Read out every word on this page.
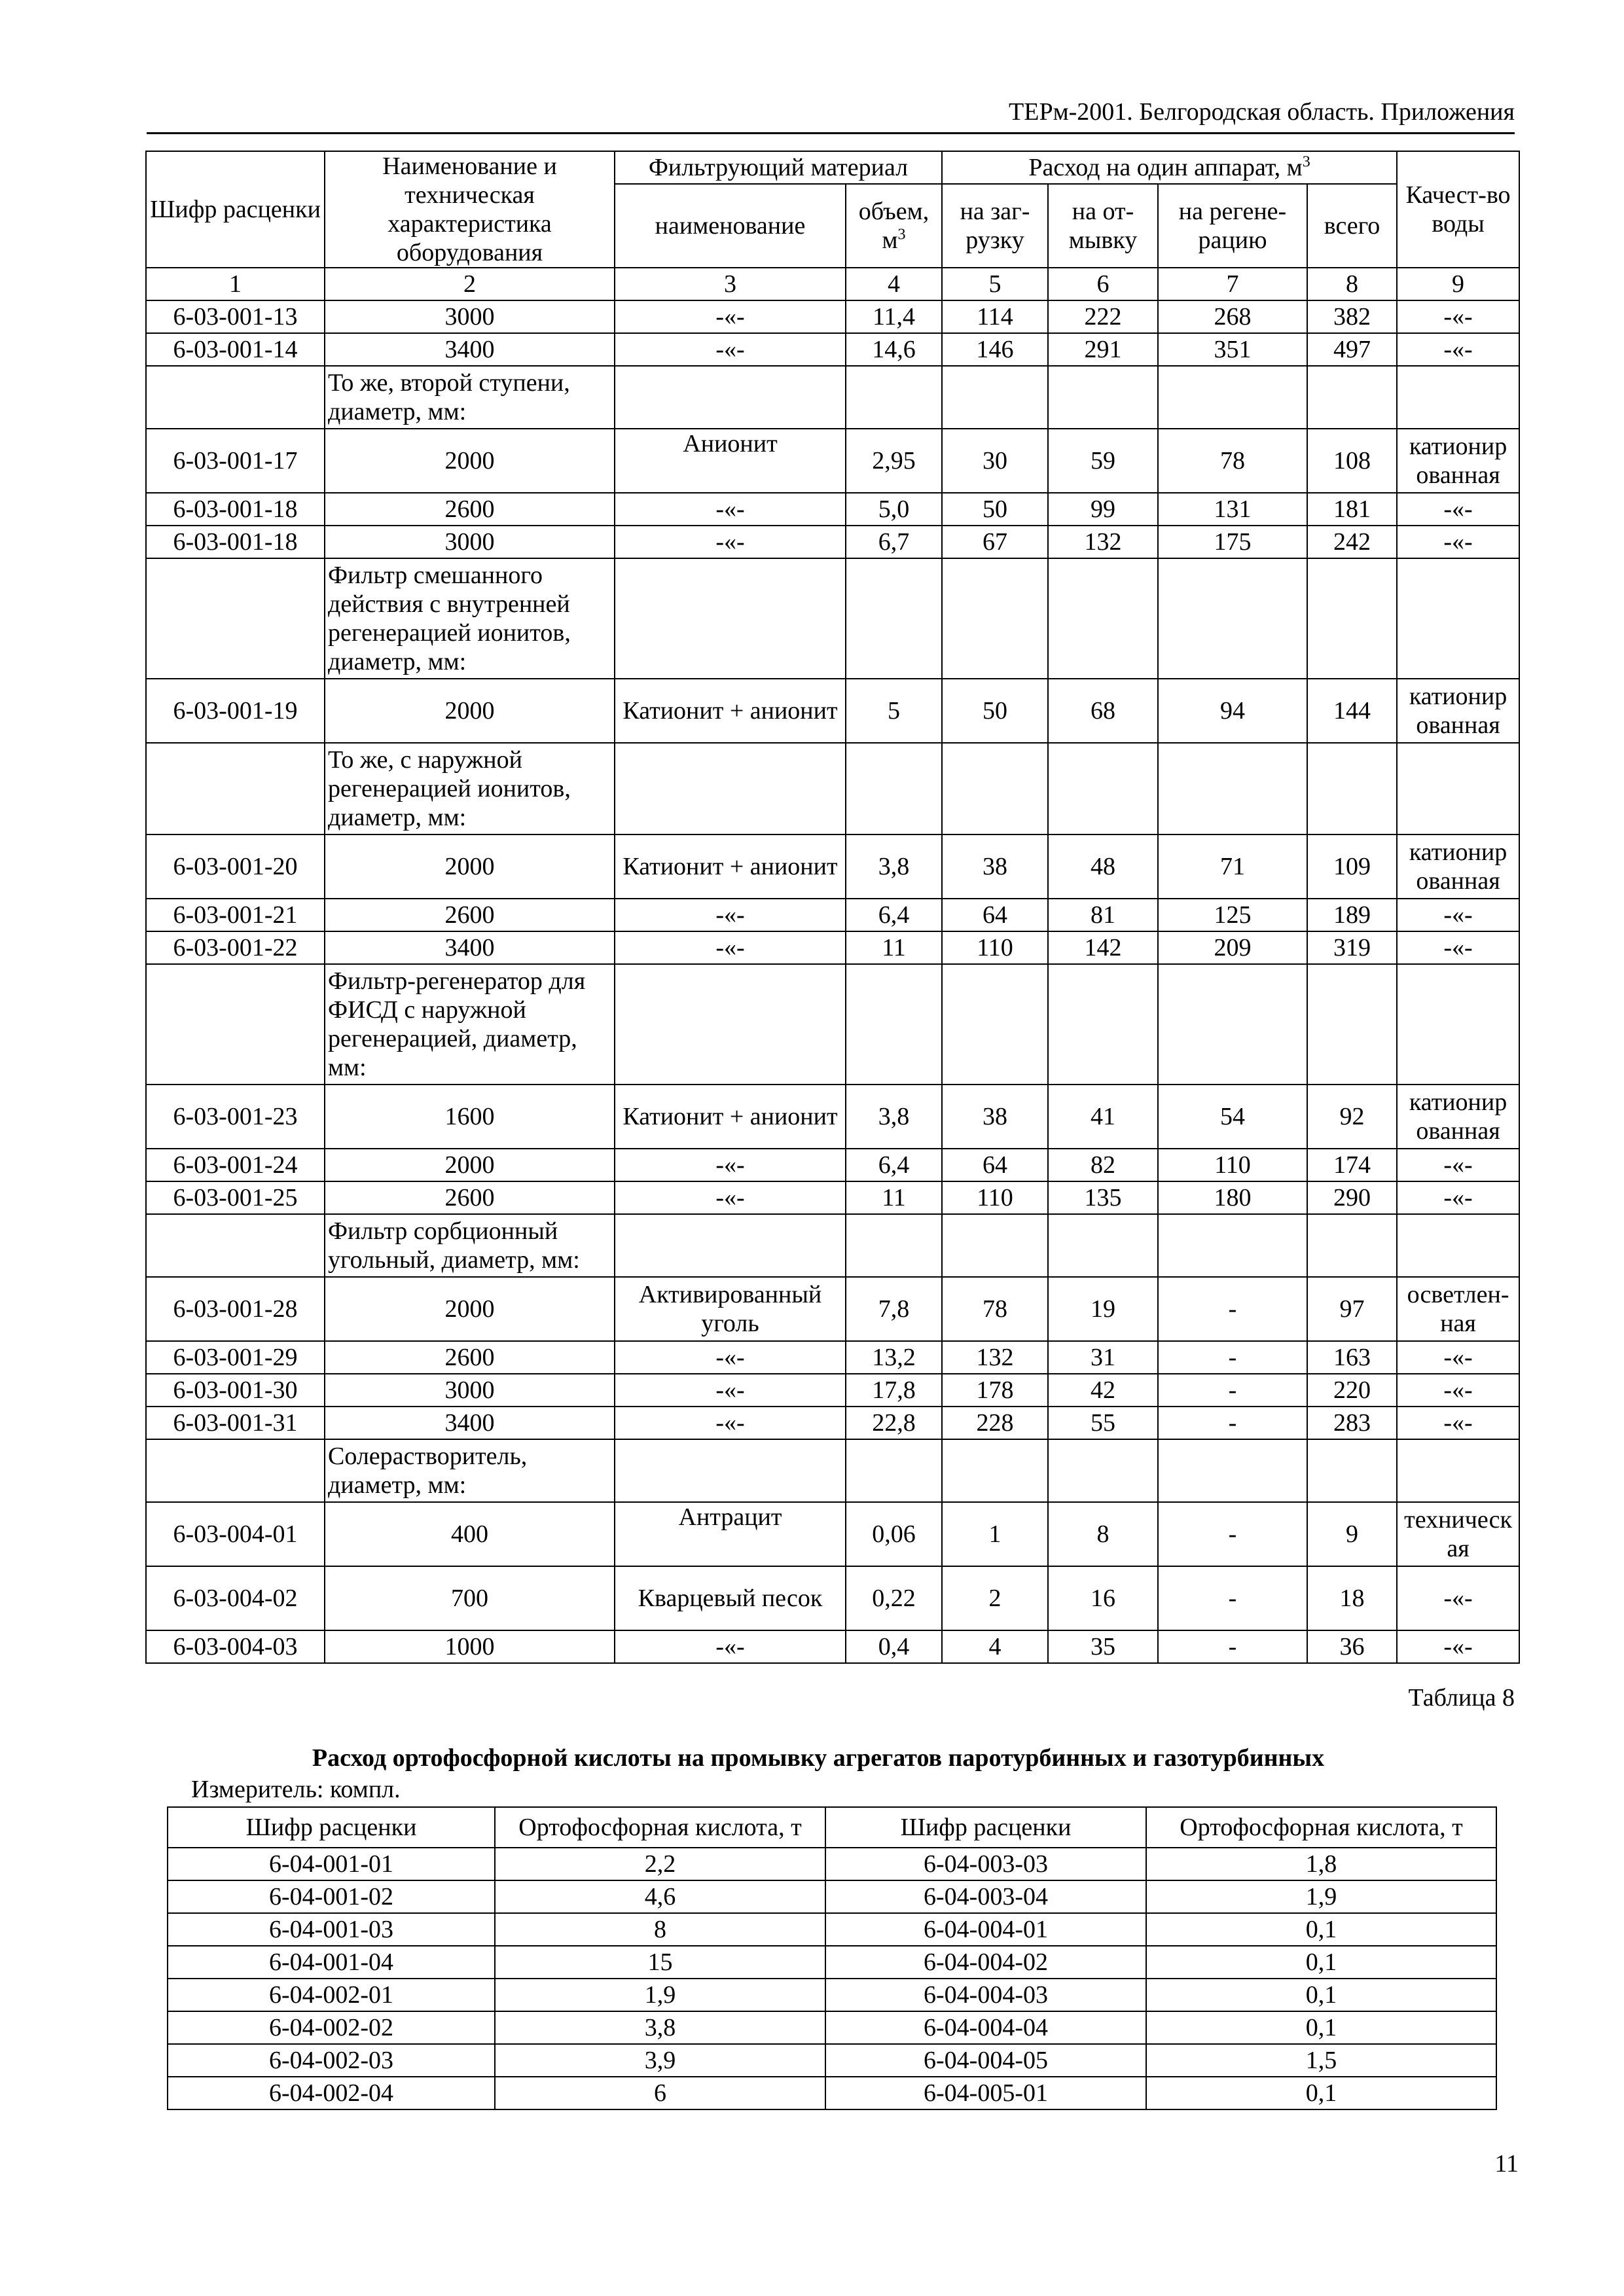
ТЕРм-2001. Белгородская область. Приложения
Шифр расценки	Наименование и техническая характеристика оборудования	Фильтрующий материал		Расход на один аппарат, $м^3$				Качест-во воды
		наименование	объем, $м^3$	на заг-рузку	на от-мывку	на регене-рацию	всего	
1	2	3	4	5	6	7	8	9
6-03-001-13	3000	-«-	11,4	114	222	268	382	-«-
6-03-001-14	3400	-«-	14,6	146	291	351	497	-«-
	То же, второй ступени, диаметр, мм:							
6-03-001-17	2000	Анионит	2,95	30	59	78	108	катионир ованная
6-03-001-18	2600	-«-	5,0	50	99	131	181	-«-
6-03-001-18	3000	-«-	6,7	67	132	175	242	-«-
	Фильтр смешанного действия с внутренней регенерацией ионитов, диаметр, мм:							
6-03-001-19	2000	Катионит + анионит	5	50	68	94	144	катионир ованная
	То же, с наружной регенерацией ионитов, диаметр, мм:							
6-03-001-20	2000	Катионит + анионит	3,8	38	48	71	109	катионир ованная
6-03-001-21	2600	-«-	6,4	64	81	125	189	-«-
6-03-001-22	3400	-«-	11	110	142	209	319	-«-
	Фильтр-регенератор для ФИСД с наружной регенерацией, диаметр, мм:							
6-03-001-23	1600	Катионит + анионит	3,8	38	41	54	92	катионир ованная
6-03-001-24	2000	-«-	6,4	64	82	110	174	-«-
6-03-001-25	2600	-«-	11	110	135	180	290	-«-
	Фильтр сорбционный угольный, диаметр, мм:							
6-03-001-28	2000	Активированный уголь	7,8	78	19	-	97	осветлен-ная
6-03-001-29	2600	-«-	13,2	132	31	-	163	-«-
6-03-001-30	3000	-«-	17,8	178	42	-	220	-«-
6-03-001-31	3400	-«-	22,8	228	55	-	283	-«-
	Солерастворитель, диаметр, мм:							
6-03-004-01	400	Антрацит	0,06	1	8	-	9	техническ ая
6-03-004-02	700	Кварцевый песок	0,22	2	16	-	18	-«-
6-03-004-03	1000	-«-	0,4	4	35	-	36	-«-
Таблица 8
Расход ортофосфорной кислоты на промывку агрегатов паротурбинных и газотурбинных
Измеритель: компл.
Шифр расценки	Ортофосфорная кислота, т	Шифр расценки	Ортофосфорная кислота, т
6-04-001-01	2,2	6-04-003-03	1,8
6-04-001-02	4,6	6-04-003-04	1,9
6-04-001-03	8	6-04-004-01	0,1
6-04-001-04	15	6-04-004-02	0,1
6-04-002-01	1,9	6-04-004-03	0,1
6-04-002-02	3,8	6-04-004-04	0,1
6-04-002-03	3,9	6-04-004-05	1,5
6-04-002-04	6	6-04-005-01	0,1
11
